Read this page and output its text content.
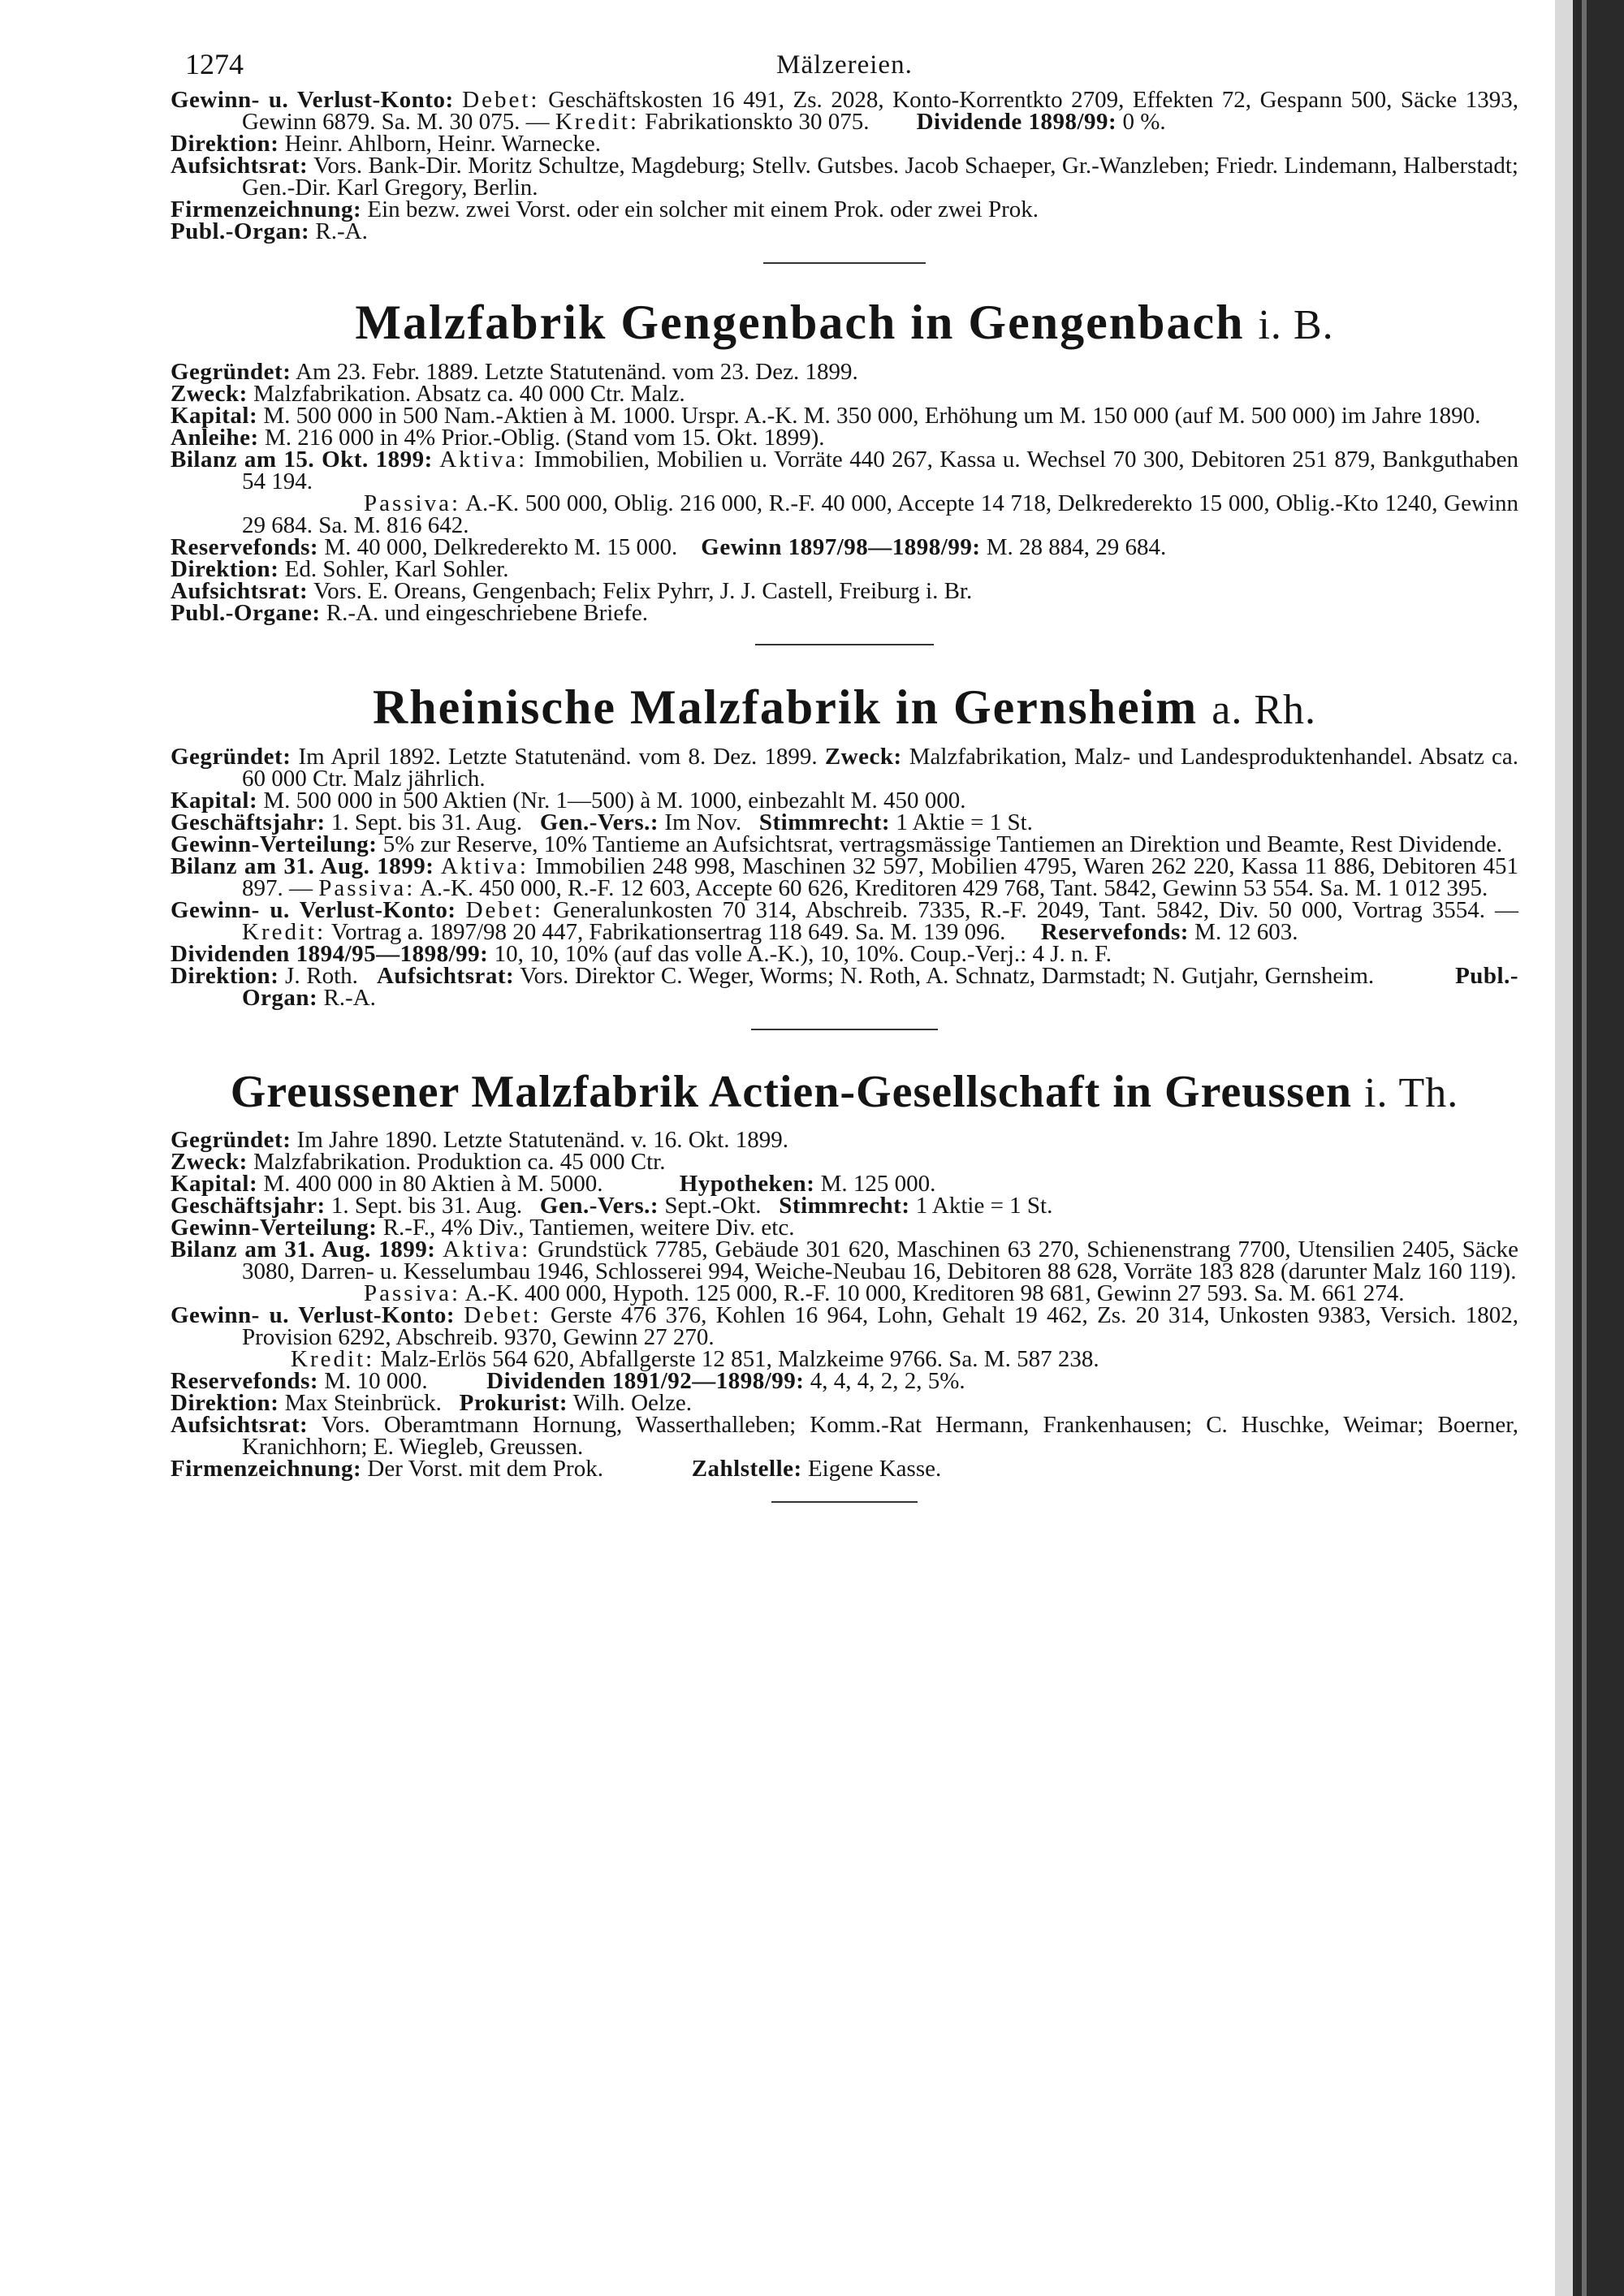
1274	Mälzereien.
Gewinn- u. Verlust-Konto: Debet: Geschäftskosten 16 491, Zs. 2028, Konto-Korrentkto 2709, Effekten 72, Gespann 500, Säcke 1393, Gewinn 6879. Sa. M. 30 075. — Kredit: Fabrikationskto 30 075. Dividende 1898/99: 0 %.
Direktion: Heinr. Ahlborn, Heinr. Warnecke.
Aufsichtsrat: Vors. Bank-Dir. Moritz Schultze, Magdeburg; Stellv. Gutsbes. Jacob Schaeper, Gr.-Wanzleben; Friedr. Lindemann, Halberstadt; Gen.-Dir. Karl Gregory, Berlin.
Firmenzeichnung: Ein bezw. zwei Vorst. oder ein solcher mit einem Prok. oder zwei Prok.
Publ.-Organ: R.-A.
Malzfabrik Gengenbach in Gengenbach i. B.
Gegründet: Am 23. Febr. 1889. Letzte Statutenänd. vom 23. Dez. 1899.
Zweck: Malzfabrikation. Absatz ca. 40 000 Ctr. Malz.
Kapital: M. 500 000 in 500 Nam.-Aktien à M. 1000. Urspr. A.-K. M. 350 000, Erhöhung um M. 150 000 (auf M. 500 000) im Jahre 1890.
Anleihe: M. 216 000 in 4% Prior.-Oblig. (Stand vom 15. Okt. 1899).
Bilanz am 15. Okt. 1899: Aktiva: Immobilien, Mobilien u. Vorräte 440 267, Kassa u. Wechsel 70 300, Debitoren 251 879, Bankguthaben 54 194.
Passiva: A.-K. 500 000, Oblig. 216 000, R.-F. 40 000, Accepte 14 718, Delkrederekto 15 000, Oblig.-Kto 1240, Gewinn 29 684. Sa. M. 816 642.
Reservefonds: M. 40 000, Delkrederekto M. 15 000. Gewinn 1897/98—1898/99: M. 28 884, 29 684.
Direktion: Ed. Sohler, Karl Sohler.
Aufsichtsrat: Vors. E. Oreans, Gengenbach; Felix Pyhrr, J. J. Castell, Freiburg i. Br.
Publ.-Organe: R.-A. und eingeschriebene Briefe.
Rheinische Malzfabrik in Gernsheim a. Rh.
Gegründet: Im April 1892. Letzte Statutenänd. vom 8. Dez. 1899. Zweck: Malzfabrikation, Malz- und Landesproduktenhandel. Absatz ca. 60 000 Ctr. Malz jährlich.
Kapital: M. 500 000 in 500 Aktien (Nr. 1—500) à M. 1000, einbezahlt M. 450 000.
Geschäftsjahr: 1. Sept. bis 31. Aug. Gen.-Vers.: Im Nov. Stimmrecht: 1 Aktie = 1 St.
Gewinn-Verteilung: 5% zur Reserve, 10% Tantieme an Aufsichtsrat, vertragsmässige Tantiemen an Direktion und Beamte, Rest Dividende.
Bilanz am 31. Aug. 1899: Aktiva: Immobilien 248 998, Maschinen 32 597, Mobilien 4795, Waren 262 220, Kassa 11 886, Debitoren 451 897. — Passiva: A.-K. 450 000, R.-F. 12 603, Accepte 60 626, Kreditoren 429 768, Tant. 5842, Gewinn 53 554. Sa. M. 1 012 395.
Gewinn- u. Verlust-Konto: Debet: Generalunkosten 70 314, Abschreib. 7335, R.-F. 2049, Tant. 5842, Div. 50 000, Vortrag 3554. — Kredit: Vortrag a. 1897/98 20 447, Fabrikationsertrag 118 649. Sa. M. 139 096. Reservefonds: M. 12 603.
Dividenden 1894/95—1898/99: 10, 10, 10% (auf das volle A.-K.), 10, 10%. Coup.-Verj.: 4 J. n. F.
Direktion: J. Roth. Aufsichtsrat: Vors. Direktor C. Weger, Worms; N. Roth, A. Schnatz, Darmstadt; N. Gutjahr, Gernsheim.	Publ.-Organ: R.-A.
Greussener Malzfabrik Actien-Gesellschaft in Greussen i. Th.
Gegründet: Im Jahre 1890. Letzte Statutenänd. v. 16. Okt. 1899.
Zweck: Malzfabrikation. Produktion ca. 45 000 Ctr.
Kapital: M. 400 000 in 80 Aktien à M. 5000.	Hypotheken: M. 125 000.
Geschäftsjahr: 1. Sept. bis 31. Aug. Gen.-Vers.: Sept.-Okt. Stimmrecht: 1 Aktie = 1 St.
Gewinn-Verteilung: R.-F., 4% Div., Tantiemen, weitere Div. etc.
Bilanz am 31. Aug. 1899: Aktiva: Grundstück 7785, Gebäude 301 620, Maschinen 63 270, Schienenstrang 7700, Utensilien 2405, Säcke 3080, Darren- u. Kesselumbau 1946, Schlosserei 994, Weiche-Neubau 16, Debitoren 88 628, Vorräte 183 828 (darunter Malz 160 119).
Passiva: A.-K. 400 000, Hypoth. 125 000, R.-F. 10 000, Kreditoren 98 681, Gewinn 27 593. Sa. M. 661 274.
Gewinn- u. Verlust-Konto: Debet: Gerste 476 376, Kohlen 16 964, Lohn, Gehalt 19 462, Zs. 20 314, Unkosten 9383, Versich. 1802, Provision 6292, Abschreib. 9370, Gewinn 27 270.
Kredit: Malz-Erlös 564 620, Abfallgerste 12 851, Malzkeime 9766. Sa. M. 587 238.
Reservefonds: M. 10 000.	Dividenden 1891/92—1898/99: 4, 4, 4, 2, 2, 5%.
Direktion: Max Steinbrück. Prokurist: Wilh. Oelze.
Aufsichtsrat: Vors. Oberamtmann Hornung, Wasserthalleben; Komm.-Rat Hermann, Frankenhausen; C. Huschke, Weimar; Boerner, Kranichhorn; E. Wiegleb, Greussen.
Firmenzeichnung: Der Vorst. mit dem Prok.	Zahlstelle: Eigene Kasse.
